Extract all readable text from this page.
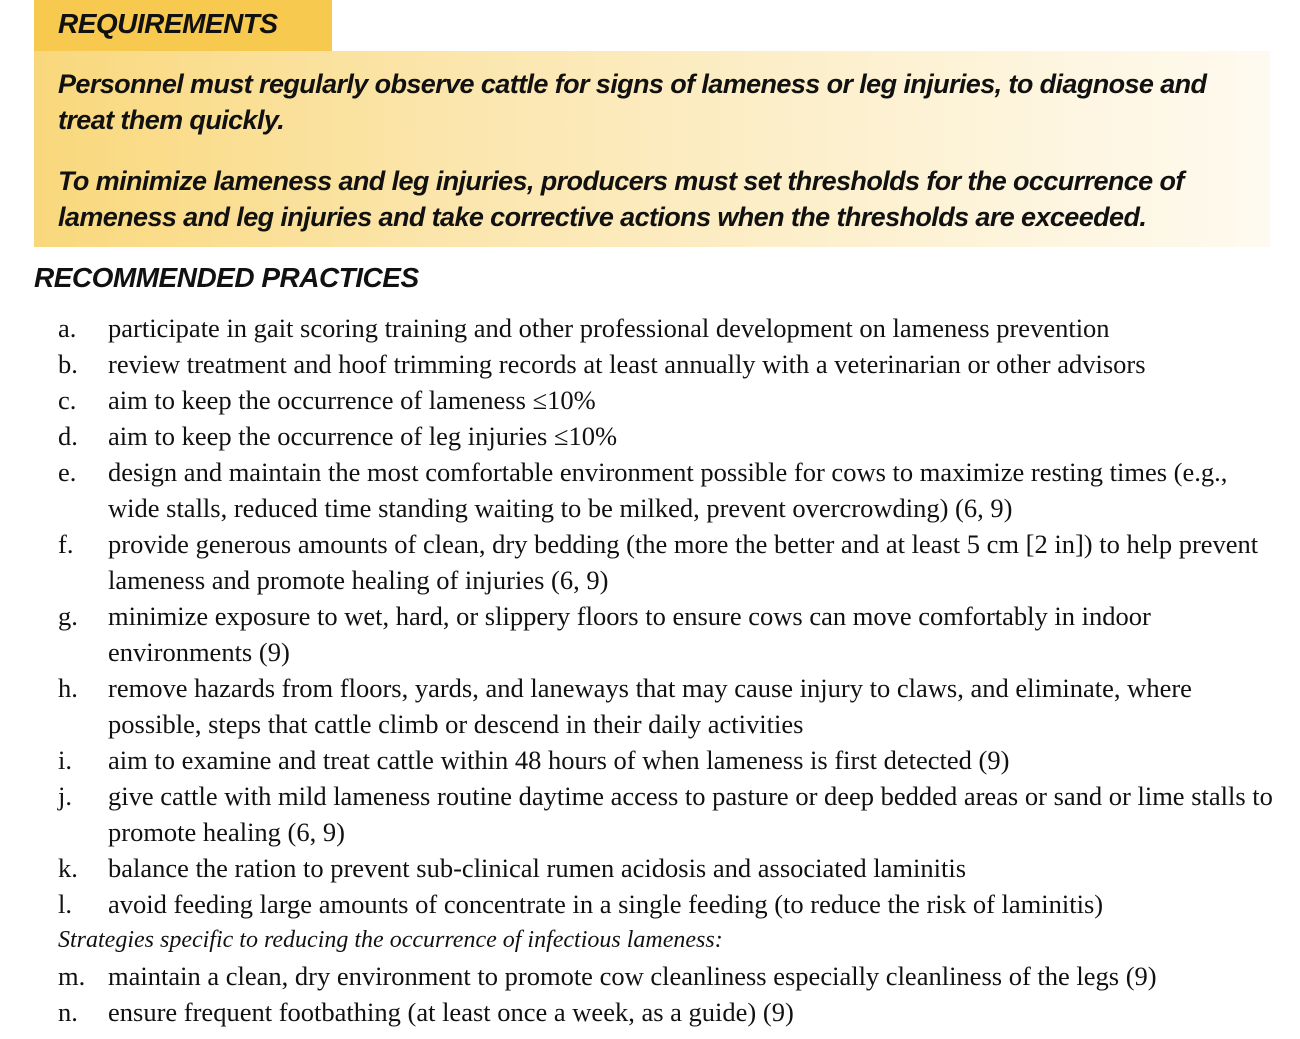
REQUIREMENTS

Personnel must regularly observe cattle for signs of lameness or leg injuries, to diagnose and treat them quickly.

To minimize lameness and leg injuries, producers must set thresholds for the occurrence of lameness and leg injuries and take corrective actions when the thresholds are exceeded.

RECOMMENDED PRACTICES
a. participate in gait scoring training and other professional development on lameness prevention
b. review treatment and hoof trimming records at least annually with a veterinarian or other advisors
c. aim to keep the occurrence of lameness ≤10%
d. aim to keep the occurrence of leg injuries ≤10%
e. design and maintain the most comfortable environment possible for cows to maximize resting times (e.g., wide stalls, reduced time standing waiting to be milked, prevent overcrowding) (6, 9)
f. provide generous amounts of clean, dry bedding (the more the better and at least 5 cm [2 in]) to help prevent lameness and promote healing of injuries (6, 9)
g. minimize exposure to wet, hard, or slippery floors to ensure cows can move comfortably in indoor environments (9)
h. remove hazards from floors, yards, and laneways that may cause injury to claws, and eliminate, where possible, steps that cattle climb or descend in their daily activities
i. aim to examine and treat cattle within 48 hours of when lameness is first detected (9)
j. give cattle with mild lameness routine daytime access to pasture or deep bedded areas or sand or lime stalls to promote healing (6, 9)
k. balance the ration to prevent sub-clinical rumen acidosis and associated laminitis
l. avoid feeding large amounts of concentrate in a single feeding (to reduce the risk of laminitis)
Strategies specific to reducing the occurrence of infectious lameness:
m. maintain a clean, dry environment to promote cow cleanliness especially cleanliness of the legs (9)
n. ensure frequent footbathing (at least once a week, as a guide) (9)
